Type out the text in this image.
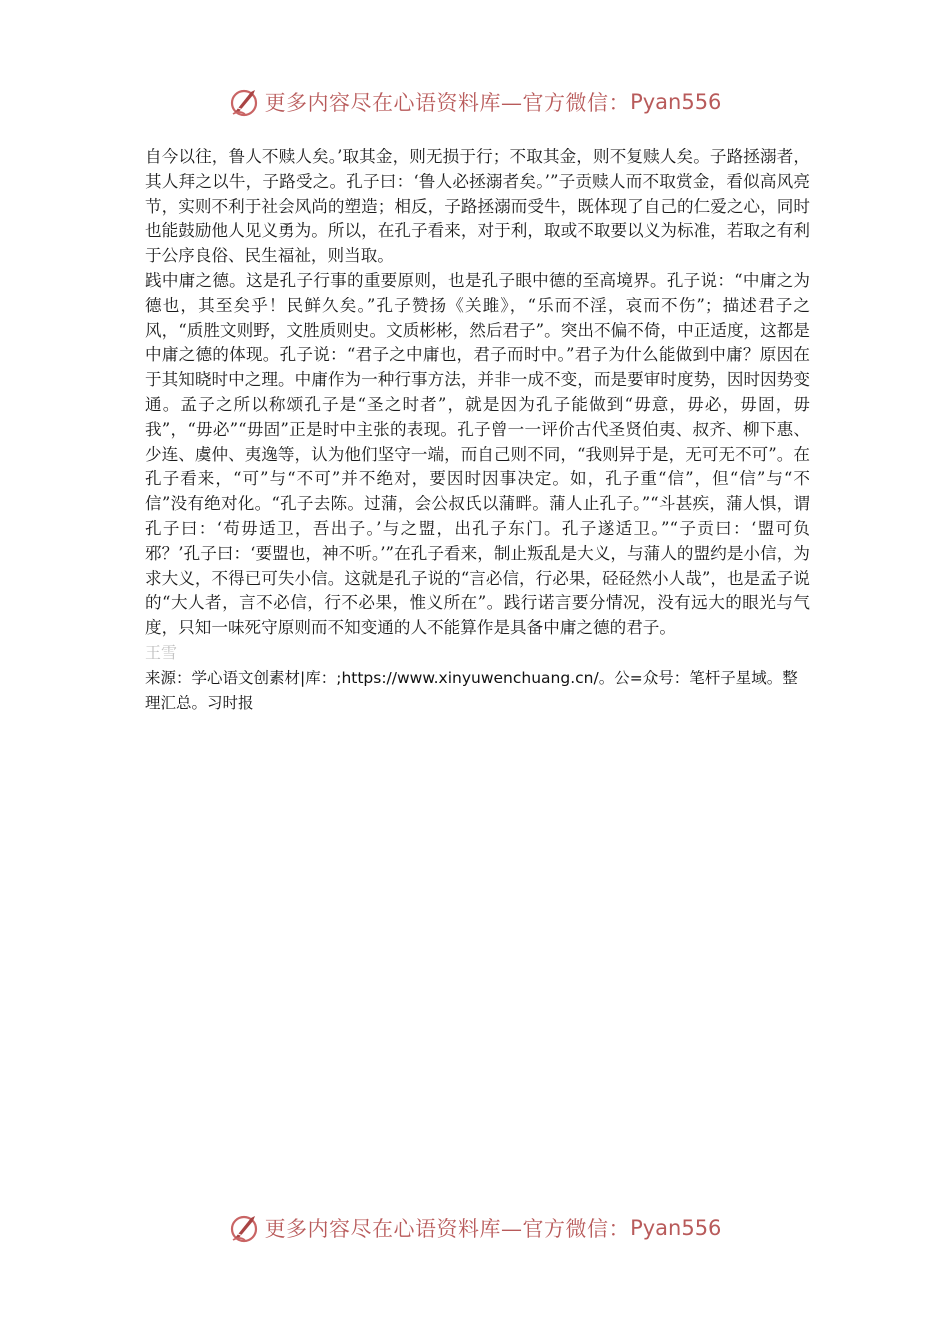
更多内容尽在心语资料库—官方微信： Pyan556

自今以往，鲁人不赎人矣。’取其金，则无损于行；不取其金，则不复赎人矣。子路拯溺者，其人拜之以牛，子路受之。孔子曰：‘鲁人必拯溺者矣。’”子贡赎人而不取赏金，看似高风亮节，实则不利于社会风尚的塑造；相反，子路拯溺而受牛，既体现了自己的仁爱之心，同时也能鼓励他人见义勇为。所以，在孔子看来，对于利，取或不取要以义为标准，若取之有利于公序良俗、民生福祉，则当取。

践中庸之德。这是孔子行事的重要原则，也是孔子眼中德的至高境界。孔子说：“中庸之为德也，其至矣乎！民鲜久矣。”孔子赞扬《关雎》，“乐而不淫，哀而不伤”；描述君子之风，“质胜文则野，文胜质则史。文质彬彬，然后君子”。突出不偏不倚，中正适度，这都是中庸之德的体现。孔子说：“君子之中庸也，君子而时中。”君子为什么能做到中庸？原因在于其知晓时中之理。中庸作为一种行事方法，并非一成不变，而是要审时度势，因时因势变通。孟子之所以称颂孔子是“圣之时者”，就是因为孔子能做到“毋意，毋必，毋固，毋我”，“毋必”“毋固”正是时中主张的表现。孔子曾一一评价古代圣贤伯夷、叔齐、柳下惠、少连、虞仲、夷逸等，认为他们坚守一端，而自己则不同，“我则异于是，无可无不可”。在孔子看来，“可”与“不可”并不绝对，要因时因事决定。如，孔子重“信”，但“信”与“不信”没有绝对化。“孔子去陈。过蒲，会公叔氏以蒲畔。蒲人止孔子。”“斗甚疾，蒲人惧，谓孔子曰：‘苟毋适卫，吾出子。’与之盟，出孔子东门。孔子遂适卫。”“子贡曰：‘盟可负邪？’孔子曰：‘要盟也，神不听。’”在孔子看来，制止叛乱是大义，与蒲人的盟约是小信，为求大义，不得已可失小信。这就是孔子说的“言必信，行必果，硁硁然小人哉”，也是孟子说的“大人者，言不必信，行不必果，惟义所在”。践行诺言要分情况，没有远大的眼光与气度，只知一味死守原则而不知变通的人不能算作是具备中庸之德的君子。

王雪

来源：学心语文创素材|库：;https://www.xinyuwenchuang.cn/。公=众号：笔杆子星域。整理汇总。习时报

更多内容尽在心语资料库—官方微信： Pyan556
